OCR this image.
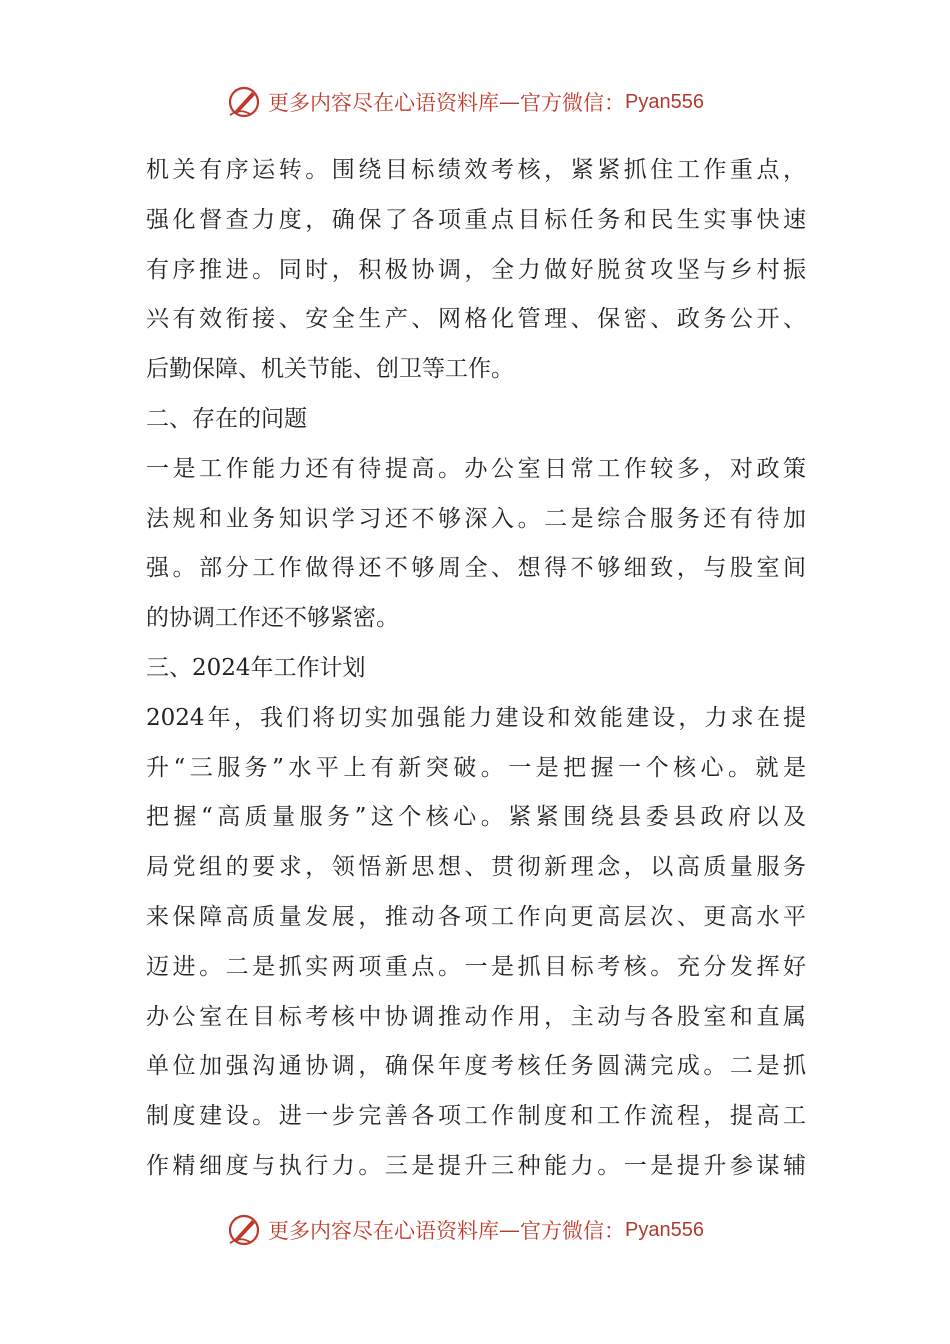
更多内容尽在心语资料库 — 官方微信： Pyan556
机关有序运转。围绕目标绩效考核，紧紧抓住工作重点，
强化督查力度，确保了各项重点目标任务和民生实事快速
有序推进。同时，积极协调，全力做好脱贫攻坚与乡村振
兴有效衔接、安全生产、网格化管理、保密、政务公开、
后勤保障、机关节能、创卫等工作。
二、存在的问题
一是工作能力还有待提高。办公室日常工作较多，对政策
法规和业务知识学习还不够深入。二是综合服务还有待加
强。部分工作做得还不够周全、想得不够细致，与股室间
的协调工作还不够紧密。
三、2024年工作计划
2024年，我们将切实加强能力建设和效能建设，力求在提
升“三服务”水平上有新突破。一是把握一个核心。就是
把握“高质量服务”这个核心。紧紧围绕县委县政府以及
局党组的要求，领悟新思想、贯彻新理念，以高质量服务
来保障高质量发展，推动各项工作向更高层次、更高水平
迈进。二是抓实两项重点。一是抓目标考核。充分发挥好
办公室在目标考核中协调推动作用，主动与各股室和直属
单位加强沟通协调，确保年度考核任务圆满完成。二是抓
制度建设。进一步完善各项工作制度和工作流程，提高工
作精细度与执行力。三是提升三种能力。一是提升参谋辅
更多内容尽在心语资料库 — 官方微信： Pyan556
